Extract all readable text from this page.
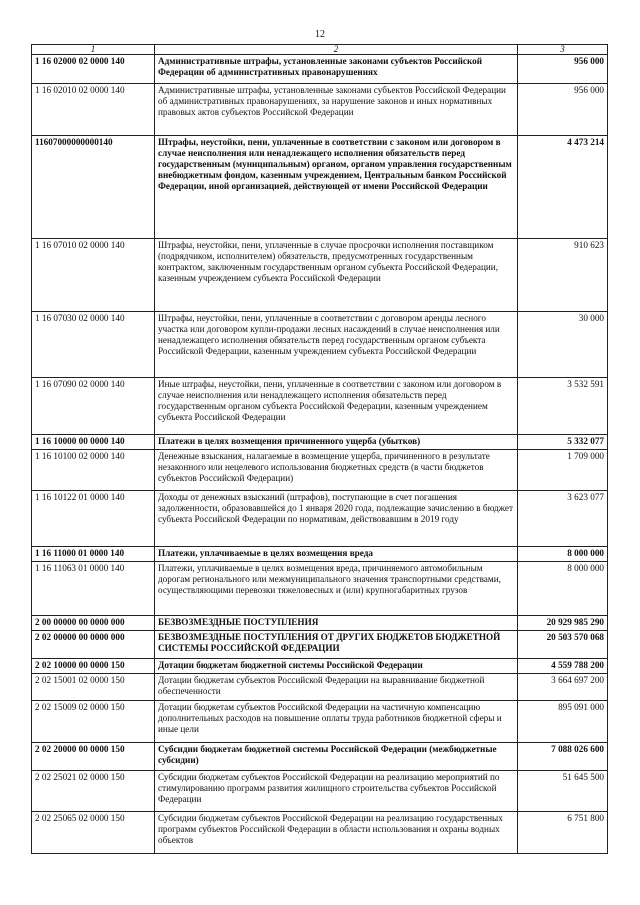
12
1	2	3
1 16 02000 02 0000 140	Административные штрафы, установленные законами субъектов Российской Федерации об административных правонарушениях	956 000
1 16 02010 02 0000 140	Административные штрафы, установленные законами субъектов Российской Федерации об административных правонарушениях, за нарушение законов и иных нормативных правовых актов субъектов Российской Федерации	956 000
11607000000000140	Штрафы, неустойки, пени, уплаченные в соответствии с законом или договором в случае неисполнения или ненадлежащего исполнения обязательств перед государственным (муниципальным) органом, органом управления государственным внебюджетным фондом, казенным учреждением, Центральным банком Российской Федерации, иной организацией, действующей от имени Российской Федерации	4 473 214
1 16 07010 02 0000 140	Штрафы, неустойки, пени, уплаченные в случае просрочки исполнения поставщиком (подрядчиком, исполнителем) обязательств, предусмотренных государственным контрактом, заключенным государственным органом субъекта Российской Федерации, казенным учреждением субъекта Российской Федерации	910 623
1 16 07030 02 0000 140	Штрафы, неустойки, пени, уплаченные в соответствии с договором аренды лесного участка или договором купли-продажи лесных насаждений в случае неисполнения или ненадлежащего исполнения обязательств перед государственным органом субъекта Российской Федерации, казенным учреждением субъекта Российской Федерации	30 000
1 16 07090 02 0000 140	Иные штрафы, неустойки, пени, уплаченные в соответствии с законом или договором в случае неисполнения или ненадлежащего исполнения обязательств перед государственным органом субъекта Российской Федерации, казенным учреждением субъекта Российской Федерации	3 532 591
1 16 10000 00 0000 140	Платежи в целях возмещения причиненного ущерба (убытков)	5 332 077
1 16 10100 02 0000 140	Денежные взыскания, налагаемые в возмещение ущерба, причиненного в результате незаконного или нецелевого использования бюджетных средств (в части бюджетов субъектов Российской Федерации)	1 709 000
1 16 10122 01 0000 140	Доходы от денежных взысканий (штрафов), поступающие в счет погашения задолженности, образовавшейся до 1 января 2020 года, подлежащие зачислению в бюджет субъекта Российской Федерации по нормативам, действовавшим в 2019 году	3 623 077
1 16 11000 01 0000 140	Платежи, уплачиваемые в целях возмещения вреда	8 000 000
1 16 11063 01 0000 140	Платежи, уплачиваемые в целях возмещения вреда, причиняемого автомобильным дорогам регионального или межмуниципального значения транспортными средствами, осуществляющими перевозки тяжеловесных и (или) крупногабаритных грузов	8 000 000
2 00 00000 00 0000 000	БЕЗВОЗМЕЗДНЫЕ ПОСТУПЛЕНИЯ	20 929 985 290
2 02 00000 00 0000 000	БЕЗВОЗМЕЗДНЫЕ ПОСТУПЛЕНИЯ ОТ ДРУГИХ БЮДЖЕТОВ БЮДЖЕТНОЙ СИСТЕМЫ РОССИЙСКОЙ ФЕДЕРАЦИИ	20 503 570 068
2 02 10000 00 0000 150	Дотации бюджетам бюджетной системы Российской Федерации	4 559 788 200
2 02 15001 02 0000 150	Дотации бюджетам субъектов Российской Федерации на выравнивание бюджетной обеспеченности	3 664 697 200
2 02 15009 02 0000 150	Дотации бюджетам субъектов Российской Федерации на частичную компенсацию дополнительных расходов на повышение оплаты труда работников бюджетной сферы и иные цели	895 091 000
2 02 20000 00 0000 150	Субсидии бюджетам бюджетной системы Российской Федерации (межбюджетные субсидии)	7 088 026 600
2 02 25021 02 0000 150	Субсидии бюджетам субъектов Российской Федерации на реализацию мероприятий по стимулированию программ развития жилищного строительства субъектов Российской Федерации	51 645 500
2 02 25065 02 0000 150	Субсидии бюджетам субъектов Российской Федерации на реализацию государственных программ субъектов Российской Федерации в области использования и охраны водных объектов	6 751 800
